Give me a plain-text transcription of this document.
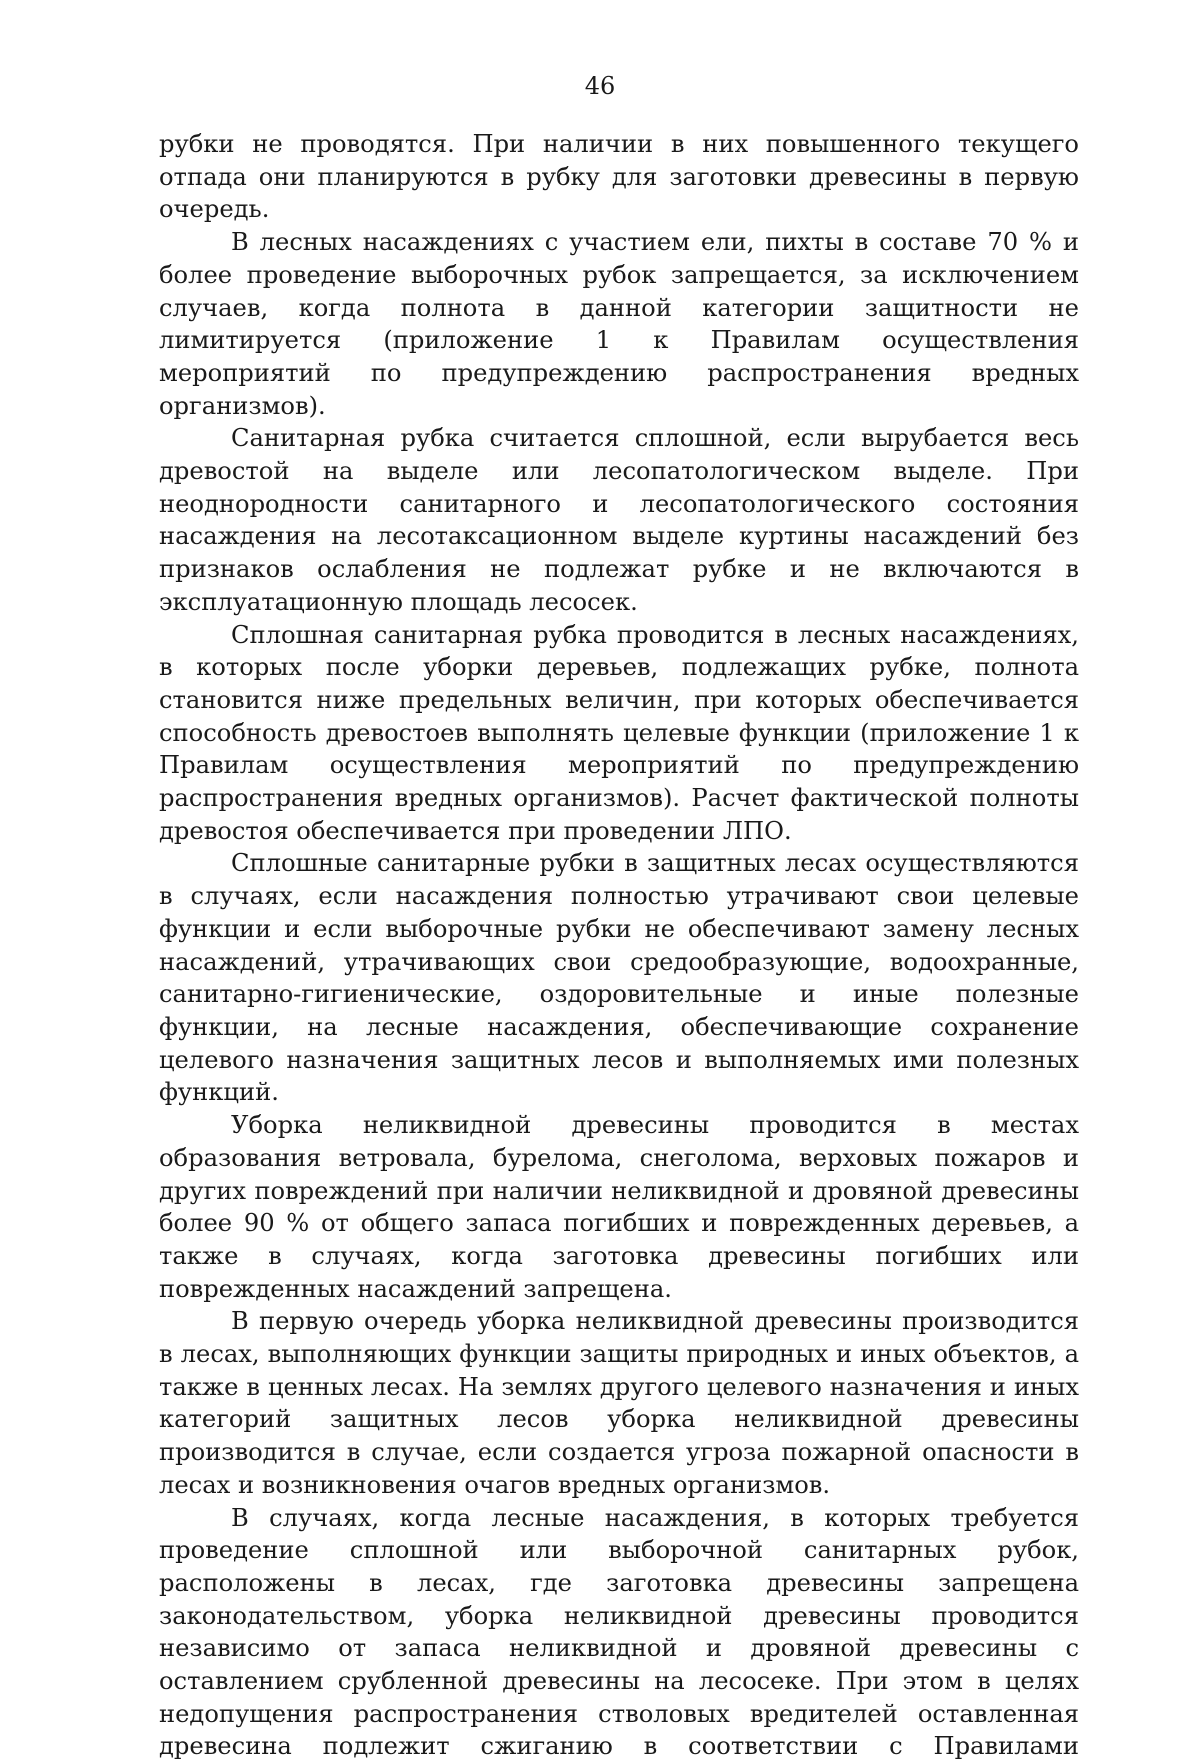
46

рубки не проводятся. При наличии в них повышенного текущего отпада они планируются в рубку для заготовки древесины в первую очередь.

В лесных насаждениях с участием ели, пихты в составе 70 % и более проведение выборочных рубок запрещается, за исключением случаев, когда полнота в данной категории защитности не лимитируется (приложение 1 к Правилам осуществления мероприятий по предупреждению распространения вредных организмов).

Санитарная рубка считается сплошной, если вырубается весь древостой на выделе или лесопатологическом выделе. При неоднородности санитарного и лесопатологического состояния насаждения на лесотаксационном выделе куртины насаждений без признаков ослабления не подлежат рубке и не включаются в эксплуатационную площадь лесосек.

Сплошная санитарная рубка проводится в лесных насаждениях, в которых после уборки деревьев, подлежащих рубке, полнота становится ниже предельных величин, при которых обеспечивается способность древостоев выполнять целевые функции (приложение 1 к Правилам осуществления мероприятий по предупреждению распространения вредных организмов). Расчет фактической полноты древостоя обеспечивается при проведении ЛПО.

Сплошные санитарные рубки в защитных лесах осуществляются в случаях, если насаждения полностью утрачивают свои целевые функции и если выборочные рубки не обеспечивают замену лесных насаждений, утрачивающих свои средообразующие, водоохранные, санитарно-гигиенические, оздоровительные и иные полезные функции, на лесные насаждения, обеспечивающие сохранение целевого назначения защитных лесов и выполняемых ими полезных функций.

Уборка неликвидной древесины проводится в местах образования ветровала, бурелома, снеголома, верховых пожаров и других повреждений при наличии неликвидной и дровяной древесины более 90 % от общего запаса погибших и поврежденных деревьев, а также в случаях, когда заготовка древесины погибших или поврежденных насаждений запрещена.

В первую очередь уборка неликвидной древесины производится в лесах, выполняющих функции защиты природных и иных объектов, а также в ценных лесах. На землях другого целевого назначения и иных категорий защитных лесов уборка неликвидной древесины производится в случае, если создается угроза пожарной опасности в лесах и возникновения очагов вредных организмов.

В случаях, когда лесные насаждения, в которых требуется проведение сплошной или выборочной санитарных рубок, расположены в лесах, где заготовка древесины запрещена законодательством, уборка неликвидной древесины проводится независимо от запаса неликвидной и дровяной древесины с оставлением срубленной древесины на лесосеке. При этом в целях недопущения распространения стволовых вредителей оставленная древесина подлежит сжиганию в соответствии с Правилами
